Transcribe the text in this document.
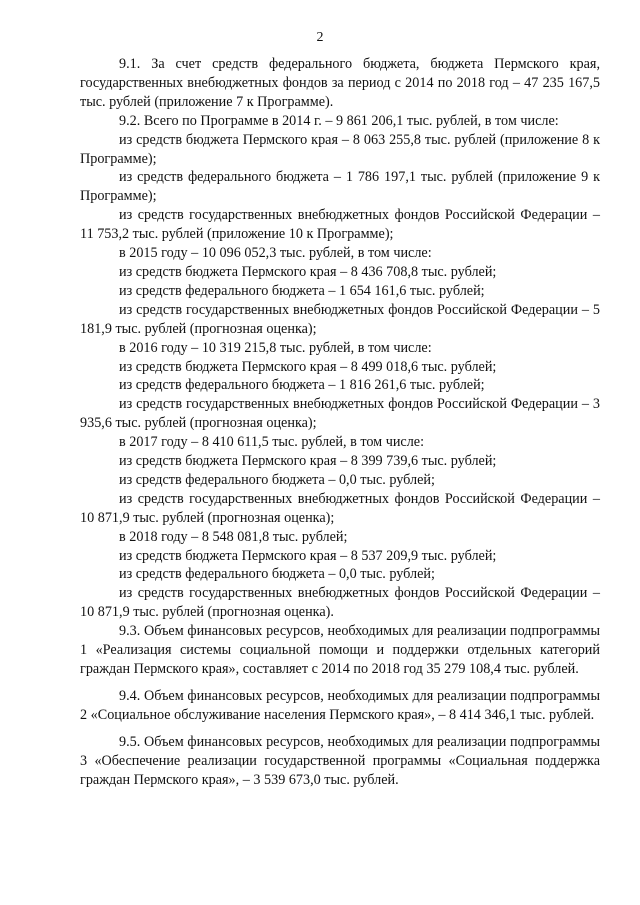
2

9.1. За счет средств федерального бюджета, бюджета Пермского края, государственных внебюджетных фондов за период с 2014 по 2018 год – 47 235 167,5 тыс. рублей (приложение 7 к Программе).

9.2. Всего по Программе в 2014 г. – 9 861 206,1 тыс. рублей, в том числе:

из средств бюджета Пермского края – 8 063 255,8 тыс. рублей (приложение 8 к Программе);

из средств федерального бюджета – 1 786 197,1 тыс. рублей (приложение 9 к Программе);

из средств государственных внебюджетных фондов Российской Федерации – 11 753,2 тыс. рублей (приложение 10 к Программе);

в 2015 году – 10 096 052,3 тыс. рублей, в том числе:

из средств бюджета Пермского края – 8 436 708,8 тыс. рублей;

из средств федерального бюджета – 1 654 161,6 тыс. рублей;

из средств государственных внебюджетных фондов Российской Федерации – 5 181,9 тыс. рублей (прогнозная оценка);

в 2016 году – 10 319 215,8 тыс. рублей, в том числе:

из средств бюджета Пермского края – 8 499 018,6 тыс. рублей;

из средств федерального бюджета – 1 816 261,6 тыс. рублей;

из средств государственных внебюджетных фондов Российской Федерации – 3 935,6 тыс. рублей (прогнозная оценка);

в 2017 году – 8 410 611,5 тыс. рублей, в том числе:

из средств бюджета Пермского края – 8 399 739,6 тыс. рублей;

из средств федерального бюджета – 0,0 тыс. рублей;

из средств государственных внебюджетных фондов Российской Федерации – 10 871,9 тыс. рублей (прогнозная оценка);

в 2018 году – 8 548 081,8 тыс. рублей;

из средств бюджета Пермского края – 8 537 209,9 тыс. рублей;

из средств федерального бюджета – 0,0 тыс. рублей;

из средств государственных внебюджетных фондов Российской Федерации – 10 871,9 тыс. рублей (прогнозная оценка).

9.3. Объем финансовых ресурсов, необходимых для реализации подпрограммы 1 «Реализация системы социальной помощи и поддержки отдельных категорий граждан Пермского края», составляет с 2014 по 2018 год 35 279 108,4 тыс. рублей.

9.4. Объем финансовых ресурсов, необходимых для реализации подпрограммы 2 «Социальное обслуживание населения Пермского края», – 8 414 346,1 тыс. рублей.

9.5. Объем финансовых ресурсов, необходимых для реализации подпрограммы 3 «Обеспечение реализации государственной программы «Социальная поддержка граждан Пермского края», – 3 539 673,0 тыс. рублей.
